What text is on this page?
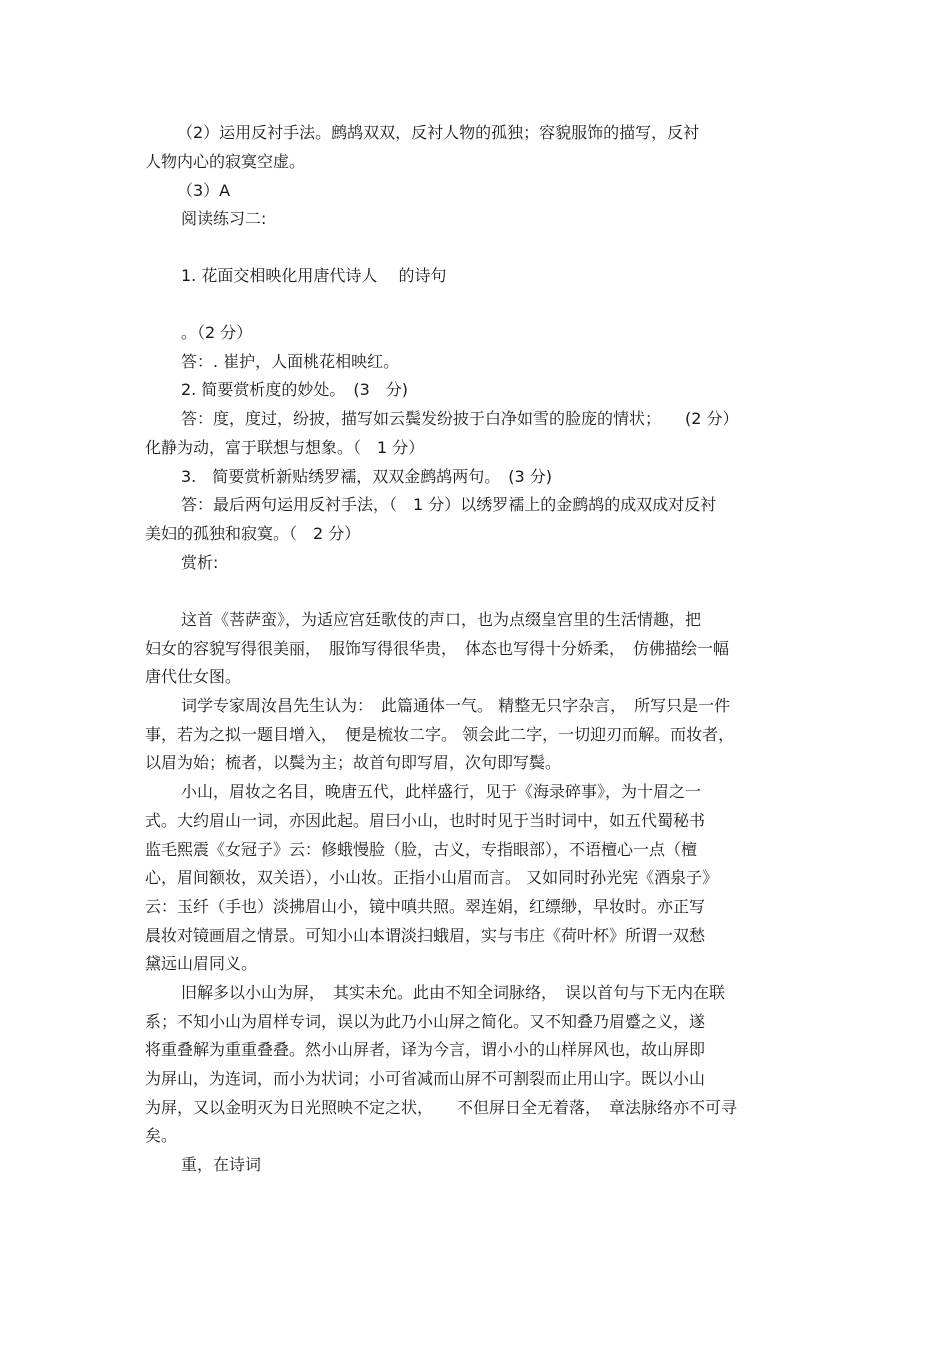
（2）运用反衬手法。鹧鸪双双，反衬人物的孤独；容貌服饰的描写，反衬
人物内心的寂寞空虚。
（3）A
阅读练习二:
1. 花面交相映化用唐代诗人　 的诗句
。（2 分）
答：. 崔护，人面桃花相映红。
2. 简要赏析度的妙处。　(3　分)
答：度，度过，纷披，描写如云鬓发纷披于白净如雪的脸庞的情状；　　(2 分）
化静为动，富于联想与想象。（　1 分）
3.　简要赏析新贴绣罗襦，双双金鹧鸪两句。　(3 分)
答：最后两句运用反衬手法，（　1 分）以绣罗襦上的金鹧鸪的成双成对反衬
美妇的孤独和寂寞。（　2 分）
赏析:
这首《菩萨蛮》，为适应宫廷歌伎的声口，也为点缀皇宫里的生活情趣，把
妇女的容貌写得很美丽，　服饰写得很华贵，　体态也写得十分娇柔，　仿佛描绘一幅
唐代仕女图。
词学专家周汝昌先生认为：　此篇通体一气。 精整无只字杂言，　所写只是一件
事，若为之拟一题目增入，　便是梳妆二字。 领会此二字，一切迎刃而解。而妆者，
以眉为始；梳者，以鬓为主；故首句即写眉，次句即写鬓。
小山，眉妆之名目，晚唐五代，此样盛行，见于《海录碎事》，为十眉之一
式。大约眉山一词，亦因此起。眉曰小山，也时时见于当时词中，如五代蜀秘书
监毛熙震《女冠子》云：修蛾慢脸（脸，古义，专指眼部），不语檀心一点（檀
心，眉间额妆，双关语），小山妆。正指小山眉而言。 又如同时孙光宪《酒泉子》
云：玉纤（手也）淡拂眉山小，镜中嗔共照。翠连娟，红缥缈，早妆时。亦正写
晨妆对镜画眉之情景。可知小山本谓淡扫蛾眉，实与韦庄《荷叶杯》所谓一双愁
黛远山眉同义。
旧解多以小山为屏，　其实未允。此由不知全词脉络，　误以首句与下无内在联
系；不知小山为眉样专词，误以为此乃小山屏之简化。又不知叠乃眉蹙之义，遂
将重叠解为重重叠叠。然小山屏者，译为今言，谓小小的山样屏风也，故山屏即
为屏山，为连词，而小为状词；小可省减而山屏不可割裂而止用山字。既以小山
为屏，又以金明灭为日光照映不定之状，　　不但屏日全无着落，　章法脉络亦不可寻
矣。
重，在诗词
